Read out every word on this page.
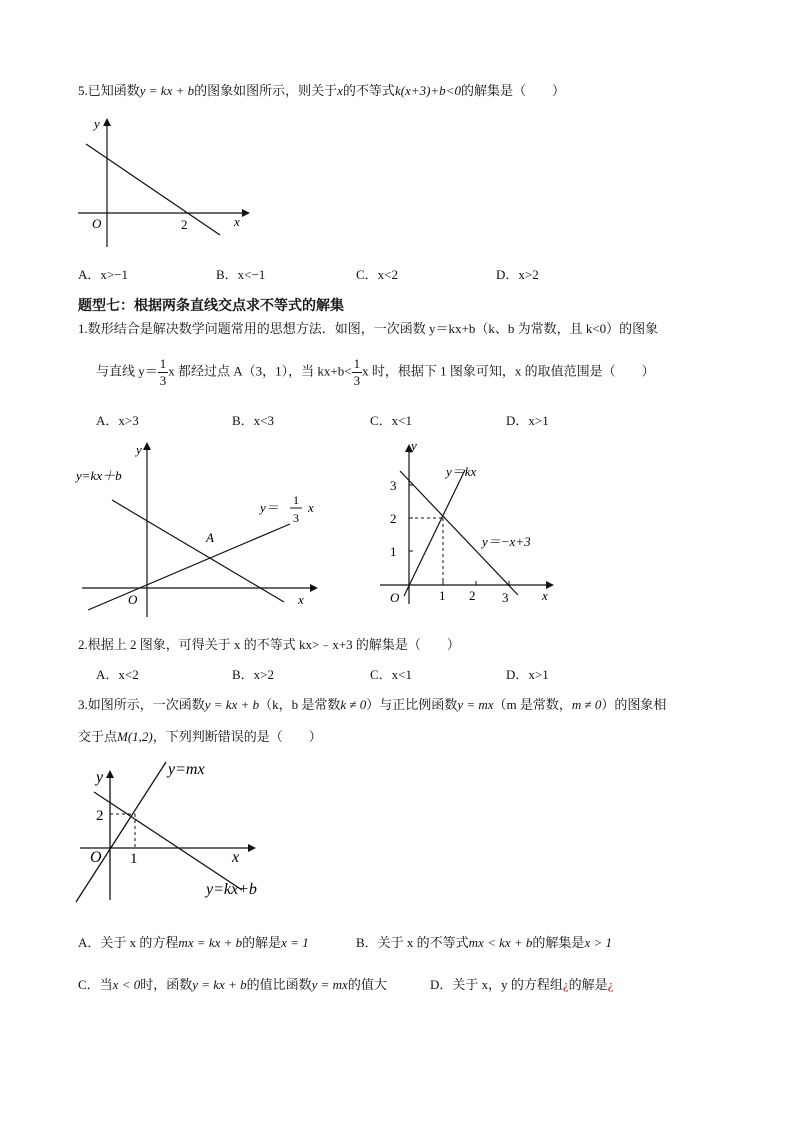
5.已知函数y = kx + b的图象如图所示，则关于x的不等式k(x+3)+b<0的解集是（　　）
y
x
O	2
A．x>−1	B．x<−1	C．x<2	D．x>2
题型七：根据两条直线交点求不等式的解集
1.数形结合是解决数学问题常用的思想方法．如图，一次函数 y＝kx+b（k、b 为常数，且 k<0）的图象
与直线 $y= \frac{1}{3}$ x 都经过点 A（3，1），当 $kx+b< \frac{1}{3}$ x 时，根据下 1 图象可知，x 的取值范围是（　　）
A．x>3	B．x<3	C．x<1	D．x>1
y
x
O
A
y=kx＋b
y＝ 1
3
x
y
x
O
1
2
3
1 2 3
y＝kx
y＝−x+3
2.根据上 2 图象，可得关于 x 的不等式 kx>﹣x+3 的解集是（　　）
A．x<2	B．x>2	C．x<1	D．x>1
3.如图所示，一次函数y = kx + b（k，b 是常数k ≠ 0）与正比例函数y = mx（m 是常数，m ≠ 0）的图象相
交于点M(1,2)，下列判断错误的是（　　）
y
x
O 1
2
y=mx
y=kx+b
A．关于 x 的方程mx = kx + b的解是x = 1	B．关于 x 的不等式mx < kx + b的解集是x > 1
C．当x < 0时，函数y = kx + b的值比函数y = mx的值大	D．关于 x，y 的方程组¿的解是¿
